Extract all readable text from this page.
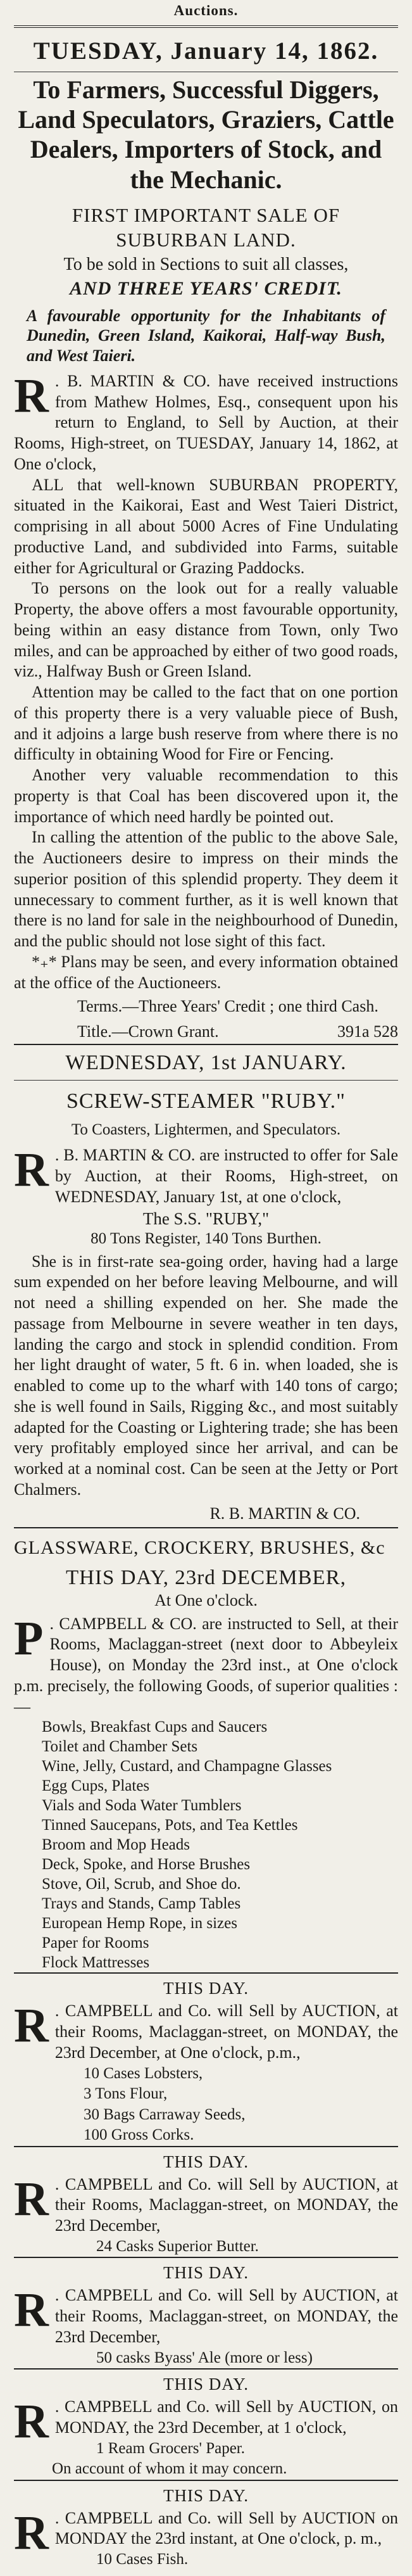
Auctions.
TUESDAY, January 14, 1862.
To Farmers, Successful Diggers, Land Speculators, Graziers, Cattle Dealers, Importers of Stock, and the Mechanic.
FIRST IMPORTANT SALE OF SUBURBAN LAND.
To be sold in Sections to suit all classes,
AND THREE YEARS' CREDIT.
A favourable opportunity for the Inhabitants of Dunedin, Green Island, Kaikorai, Half-way Bush, and West Taieri.

R . B. MARTIN & CO. have received instructions from Mathew Holmes, Esq., consequent upon his return to England, to Sell by Auction, at their Rooms, High-street, on TUESDAY, January 14, 1862, at One o'clock,

ALL that well-known SUBURBAN PROPERTY, situated in the Kaikorai, East and West Taieri District, comprising in all about 5000 Acres of Fine Undulating productive Land, and subdivided into Farms, suitable either for Agricultural or Grazing Paddocks.

To persons on the look out for a really valuable Property, the above offers a most favourable opportunity, being within an easy distance from Town, only Two miles, and can be approached by either of two good roads, viz., Halfway Bush or Green Island.

Attention may be called to the fact that on one portion of this property there is a very valuable piece of Bush, and it adjoins a large bush reserve from where there is no difficulty in obtaining Wood for Fire or Fencing.

Another very valuable recommendation to this property is that Coal has been discovered upon it, the importance of which need hardly be pointed out.

In calling the attention of the public to the above Sale, the Auctioneers desire to impress on their minds the superior position of this splendid property. They deem it unnecessary to comment further, as it is well known that there is no land for sale in the neighbourhood of Dunedin, and the public should not lose sight of this fact.

*₊* Plans may be seen, and every information obtained at the office of the Auctioneers.

Terms.—Three Years' Credit ; one third Cash.
Title.—Crown Grant.	391a 528
WEDNESDAY, 1st JANUARY.
SCREW-STEAMER "RUBY."
To Coasters, Lightermen, and Speculators.

R . B. MARTIN & CO. are instructed to offer for Sale by Auction, at their Rooms, High-street, on WEDNESDAY, January 1st, at one o'clock,

The S.S. "RUBY,"
80 Tons Register, 140 Tons Burthen.

She is in first-rate sea-going order, having had a large sum expended on her before leaving Melbourne, and will not need a shilling expended on her. She made the passage from Melbourne in severe weather in ten days, landing the cargo and stock in splendid condition. From her light draught of water, 5 ft. 6 in. when loaded, she is enabled to come up to the wharf with 140 tons of cargo; she is well found in Sails, Rigging &c., and most suitably adapted for the Coasting or Lightering trade; she has been very profitably employed since her arrival, and can be worked at a nominal cost. Can be seen at the Jetty or Port Chalmers.

R. B. MARTIN & CO.
GLASSWARE, CROCKERY, BRUSHES, &c
THIS DAY, 23rd DECEMBER,
At One o'clock.

P . CAMPBELL & CO. are instructed to Sell, at their Rooms, Maclaggan-street (next door to Abbeyleix House), on Monday the 23rd inst., at One o'clock p.m. precisely, the following Goods, of superior qualities :—

Bowls, Breakfast Cups and Saucers
Toilet and Chamber Sets
Wine, Jelly, Custard, and Champagne Glasses
Egg Cups, Plates
Vials and Soda Water Tumblers
Tinned Saucepans, Pots, and Tea Kettles
Broom and Mop Heads
Deck, Spoke, and Horse Brushes
Stove, Oil, Scrub, and Shoe do.
Trays and Stands, Camp Tables
European Hemp Rope, in sizes
Paper for Rooms
Flock Mattresses
THIS DAY.

R . CAMPBELL and Co. will Sell by AUCTION, at their Rooms, Maclaggan-street, on MONDAY, the 23rd December, at One o'clock, p.m.,

10 Cases Lobsters,
3 Tons Flour,
30 Bags Carraway Seeds,
100 Gross Corks.
THIS DAY.

R . CAMPBELL and Co. will Sell by AUCTION, at their Rooms, Maclaggan-street, on MONDAY, the 23rd December,

24 Casks Superior Butter.
THIS DAY.

R . CAMPBELL and Co. will Sell by AUCTION, at their Rooms, Maclaggan-street, on MONDAY, the 23rd December,

50 casks Byass' Ale (more or less)
THIS DAY.

R . CAMPBELL and Co. will Sell by AUCTION, on MONDAY, the 23rd December, at 1 o'clock,

1 Ream Grocers' Paper.
On account of whom it may concern.
THIS DAY.

R . CAMPBELL and Co. will Sell by AUCTION on MONDAY the 23rd instant, at One o'clock, p. m.,

10 Cases Fish.
